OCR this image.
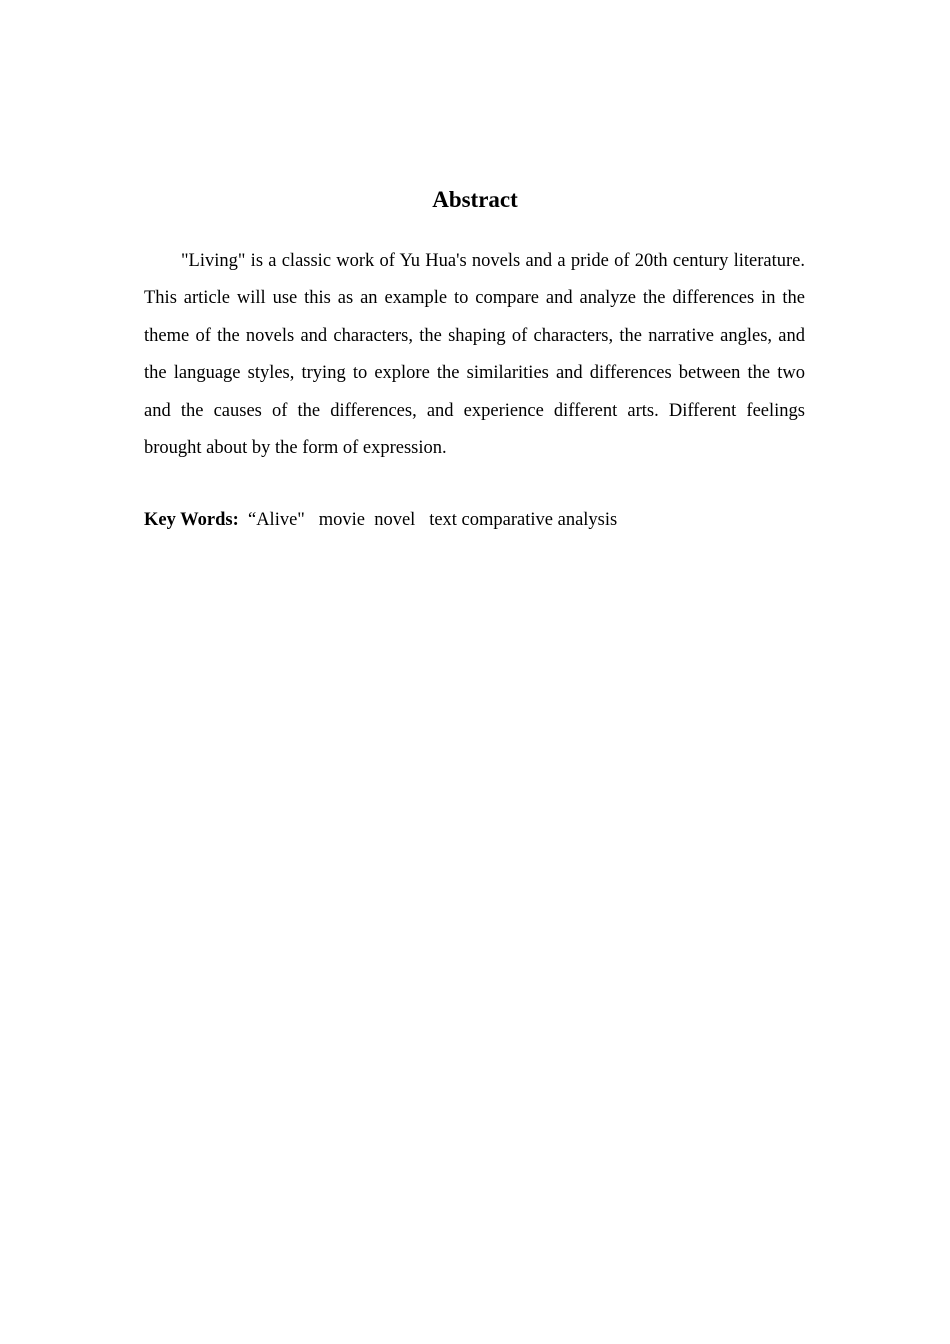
Abstract

"Living" is a classic work of Yu Hua's novels and a pride of 20th century literature. This article will use this as an example to compare and analyze the differences in the theme of the novels and characters, the shaping of characters, the narrative angles, and the language styles, trying to explore the similarities and differences between the two and the causes of the differences, and experience different arts. Different feelings brought about by the form of expression.

Key Words:  “Alive"   movie  novel   text comparative analysis
